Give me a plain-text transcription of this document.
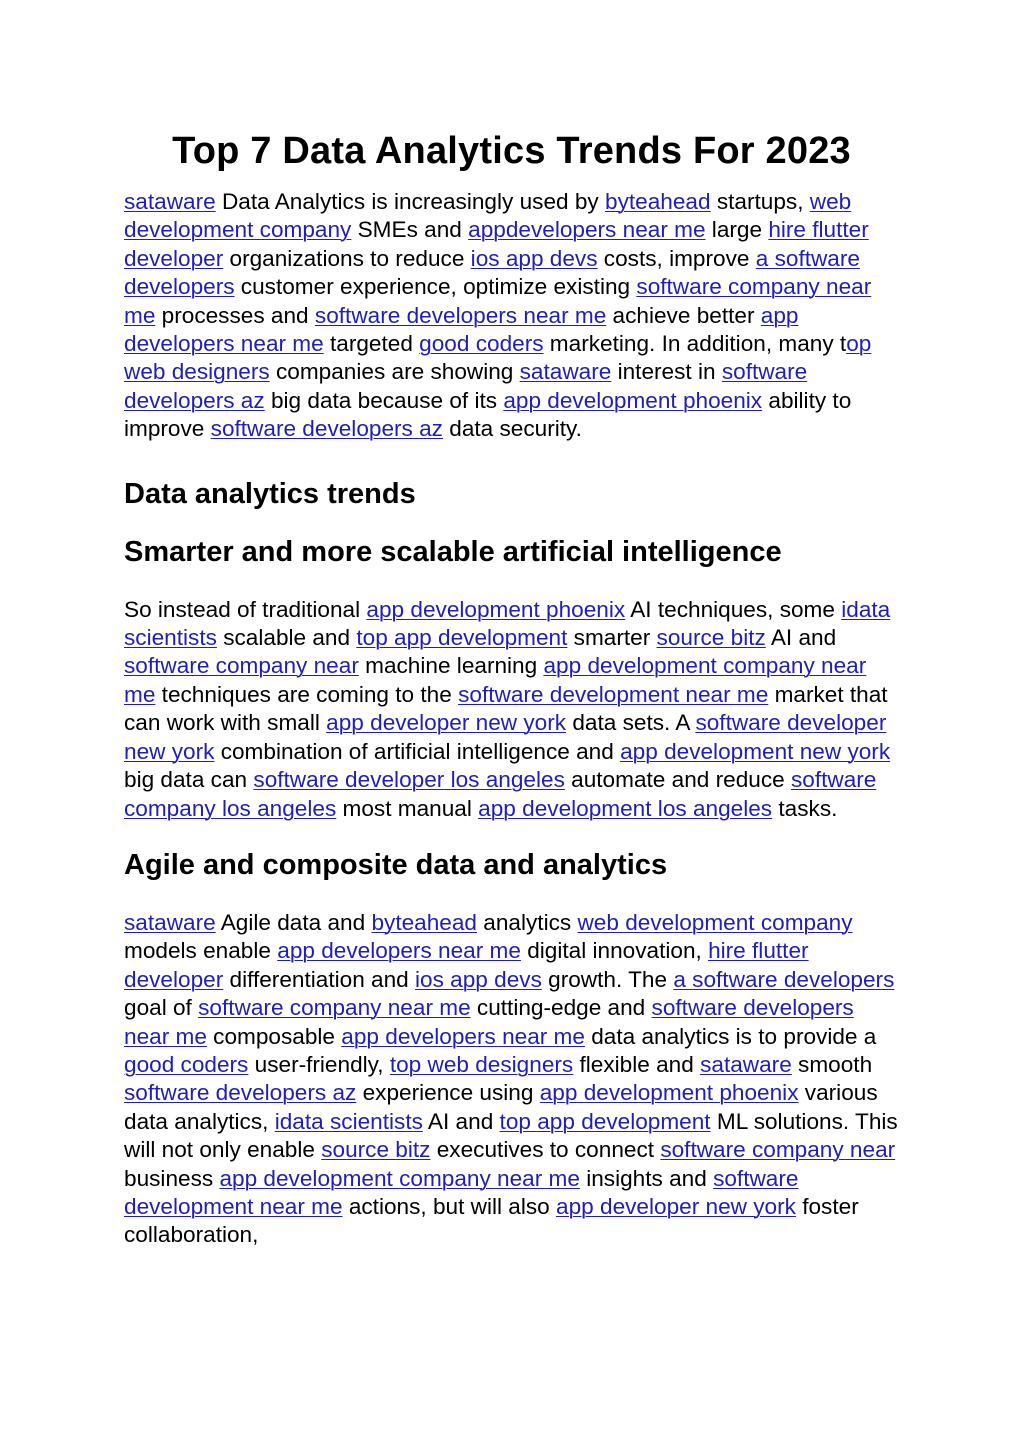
Top 7 Data Analytics Trends For 2023
sataware Data Analytics is increasingly used by byteahead startups, web development company SMEs and appdevelopers near me large hire flutter developer organizations to reduce ios app devs costs, improve a software developers customer experience, optimize existing software company near me processes and software developers near me achieve better app developers near me targeted good coders marketing. In addition, many top web designers companies are showing sataware interest in software developers az big data because of its app development phoenix ability to improve software developers az data security.
Data analytics trends
Smarter and more scalable artificial intelligence
So instead of traditional app development phoenix AI techniques, some idata scientists scalable and top app development smarter source bitz AI and software company near machine learning app development company near me techniques are coming to the software development near me market that can work with small app developer new york data sets. A software developer new york combination of artificial intelligence and app development new york big data can software developer los angeles automate and reduce software company los angeles most manual app development los angeles tasks.
Agile and composite data and analytics
sataware Agile data and byteahead analytics web development company models enable app developers near me digital innovation, hire flutter developer differentiation and ios app devs growth. The a software developers goal of software company near me cutting-edge and software developers near me composable app developers near me data analytics is to provide a good coders user-friendly, top web designers flexible and sataware smooth software developers az experience using app development phoenix various data analytics, idata scientists AI and top app development ML solutions. This will not only enable source bitz executives to connect software company near business app development company near me insights and software development near me actions, but will also app developer new york foster collaboration,
